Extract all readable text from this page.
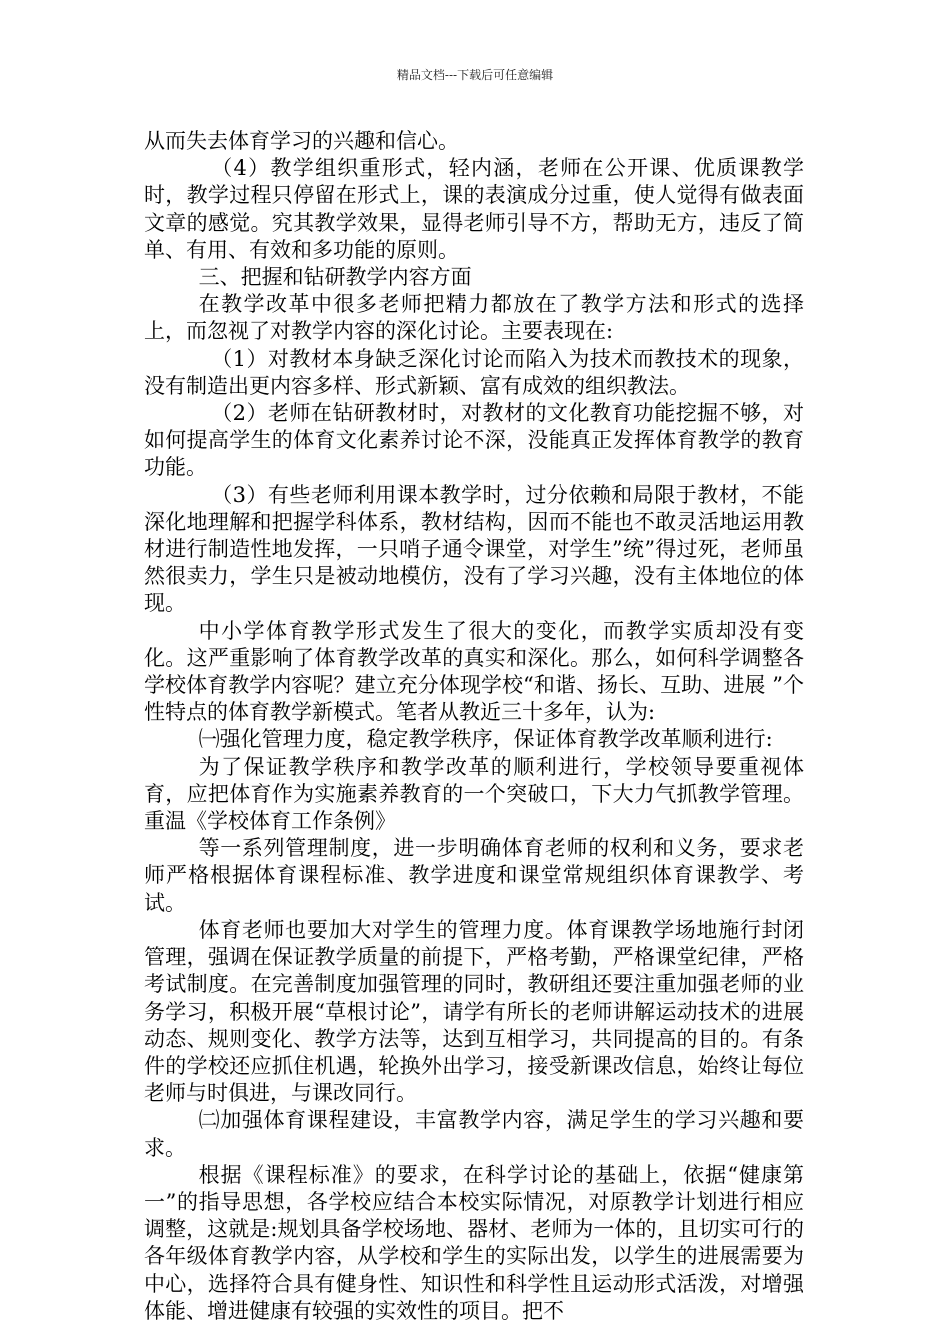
精品文档---下载后可任意编辑

从而失去体育学习的兴趣和信心。

（4）教学组织重形式，轻内涵，老师在公开课、优质课教学时，教学过程只停留在形式上，课的表演成分过重，使人觉得有做表面文章的感觉。究其教学效果，显得老师引导不方，帮助无方，违反了简单、有用、有效和多功能的原则。

三、把握和钻研教学内容方面

在教学改革中很多老师把精力都放在了教学方法和形式的选择上，而忽视了对教学内容的深化讨论。主要表现在:

（1）对教材本身缺乏深化讨论而陷入为技术而教技术的现象，没有制造出更内容多样、形式新颖、富有成效的组织教法。

（2）老师在钻研教材时，对教材的文化教育功能挖掘不够，对如何提高学生的体育文化素养讨论不深，没能真正发挥体育教学的教育功能。

（3）有些老师利用课本教学时，过分依赖和局限于教材，不能深化地理解和把握学科体系，教材结构，因而不能也不敢灵活地运用教材进行制造性地发挥，一只哨子通令课堂，对学生”统”得过死，老师虽然很卖力，学生只是被动地模仿，没有了学习兴趣，没有主体地位的体现。

中小学体育教学形式发生了很大的变化，而教学实质却没有变化。这严重影响了体育教学改革的真实和深化。那么，如何科学调整各学校体育教学内容呢？建立充分体现学校“和谐、扬长、互助、进展 ”个性特点的体育教学新模式。笔者从教近三十多年，认为:

㈠强化管理力度，稳定教学秩序，保证体育教学改革顺利进行:

为了保证教学秩序和教学改革的顺利进行，学校领导要重视体育，应把体育作为实施素养教育的一个突破口，下大力气抓教学管理。重温《学校体育工作条例》

等一系列管理制度，进一步明确体育老师的权利和义务，要求老师严格根据体育课程标准、教学进度和课堂常规组织体育课教学、考试。

体育老师也要加大对学生的管理力度。体育课教学场地施行封闭管理，强调在保证教学质量的前提下，严格考勤，严格课堂纪律，严格考试制度。在完善制度加强管理的同时，教研组还要注重加强老师的业务学习，积极开展“草根讨论”，请学有所长的老师讲解运动技术的进展动态、规则变化、教学方法等，达到互相学习，共同提高的目的。有条件的学校还应抓住机遇，轮换外出学习，接受新课改信息，始终让每位老师与时俱进，与课改同行。

㈡加强体育课程建设，丰富教学内容，满足学生的学习兴趣和要求。

根据《课程标准》的要求，在科学讨论的基础上，依据“健康第一”的指导思想，各学校应结合本校实际情况，对原教学计划进行相应调整，这就是:规划具备学校场地、器材、老师为一体的，且切实可行的各年级体育教学内容，从学校和学生的实际出发，以学生的进展需要为中心，选择符合具有健身性、知识性和科学性且运动形式活泼，对增强体能、增进健康有较强的实效性的项目。把不
